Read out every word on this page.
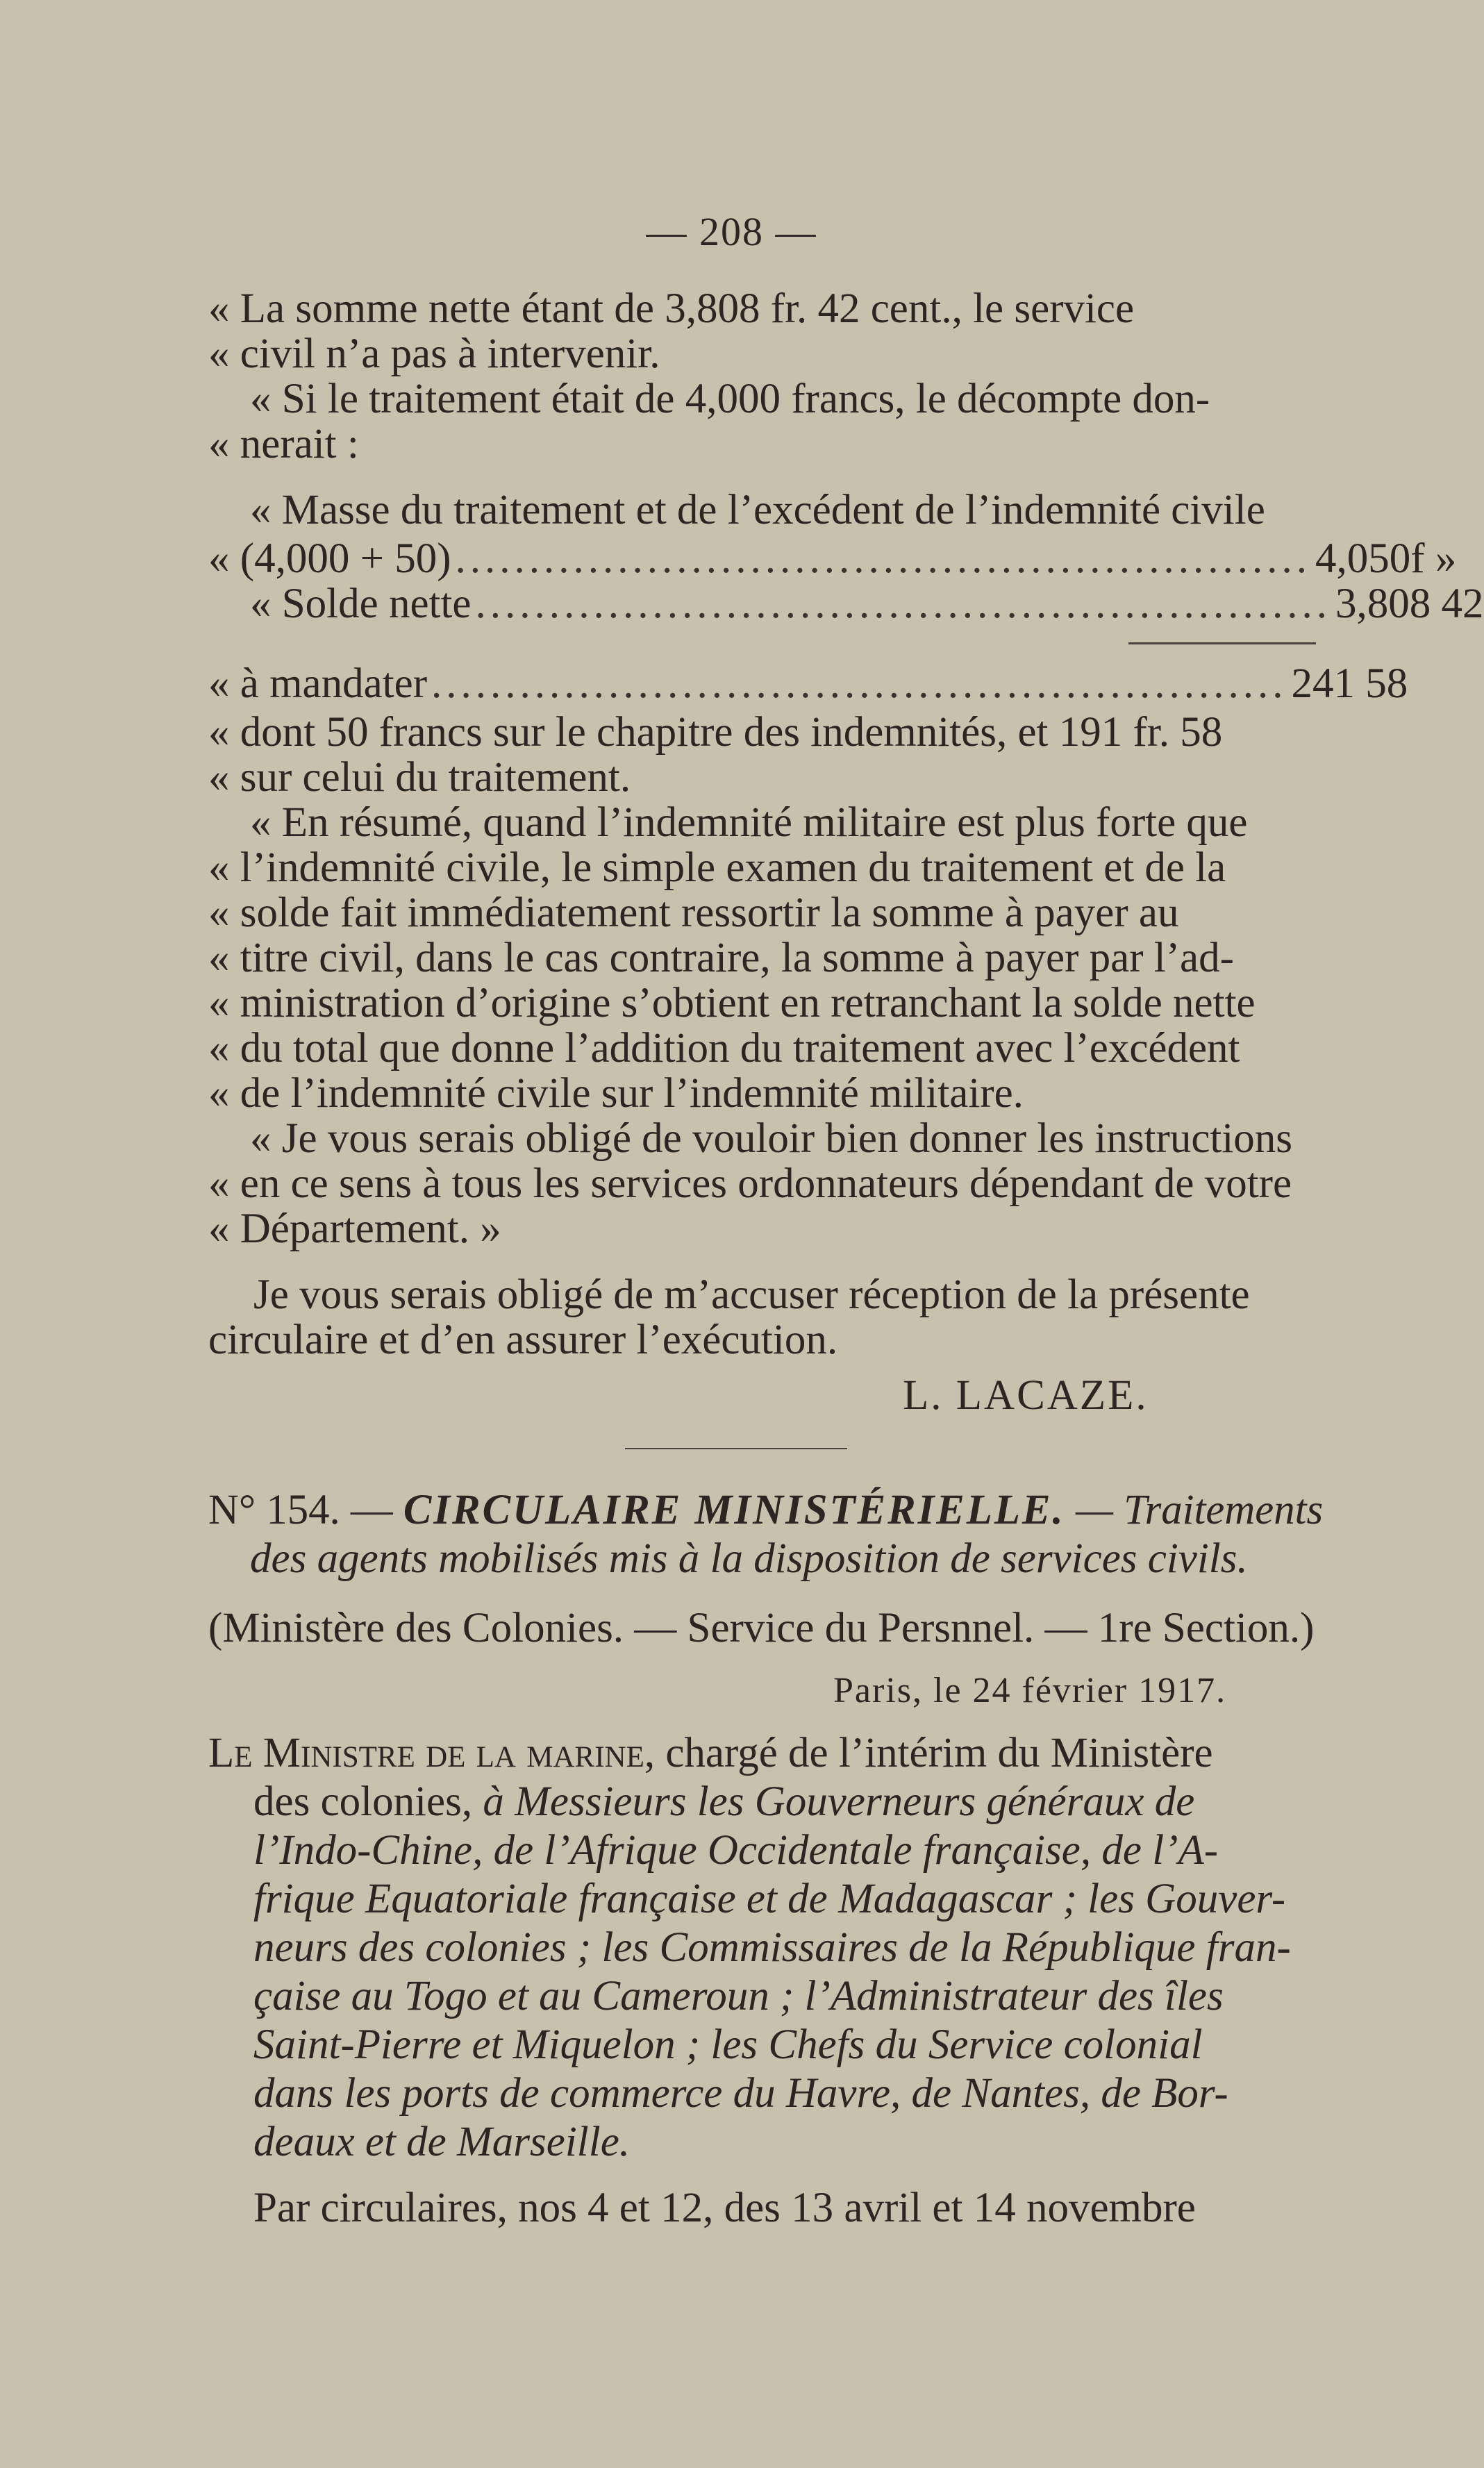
— 208 —
« La somme nette étant de 3,808 fr. 42 cent., le service
« civil n’a pas à intervenir.
« Si le traitement était de 4,000 francs, le décompte don-
« nerait :
« Masse du traitement et de l’excédent de l’indemnité civile
« (4,000 + 50) .......................................................... 4,050f »
« Solde nette .......................................................... 3,808 42
« à mandater .......................................................... 241 58
« dont 50 francs sur le chapitre des indemnités, et 191 fr. 58
« sur celui du traitement.
« En résumé, quand l’indemnité militaire est plus forte que
« l’indemnité civile, le simple examen du traitement et de la
« solde fait immédiatement ressortir la somme à payer au
« titre civil, dans le cas contraire, la somme à payer par l’ad-
« ministration d’origine s’obtient en retranchant la solde nette
« du total que donne l’addition du traitement avec l’excédent
« de l’indemnité civile sur l’indemnité militaire.
« Je vous serais obligé de vouloir bien donner les instructions
« en ce sens à tous les services ordonnateurs dépendant de votre
« Département. »
Je vous serais obligé de m’accuser réception de la présente
circulaire et d’en assurer l’exécution.
L. LACAZE.
N° 154. — CIRCULAIRE MINISTÉRIELLE. — Traitements
des agents mobilisés mis à la disposition de services civils.
(Ministère des Colonies. — Service du Persnnel. — 1re Section.)
Paris, le 24 février 1917.
Le Ministre de la marine, chargé de l’intérim du Ministère
des colonies, à Messieurs les Gouverneurs généraux de
l’Indo-Chine, de l’Afrique Occidentale française, de l’A-
frique Equatoriale française et de Madagascar ; les Gouver-
neurs des colonies ; les Commissaires de la République fran-
çaise au Togo et au Cameroun ; l’Administrateur des îles
Saint-Pierre et Miquelon ; les Chefs du Service colonial
dans les ports de commerce du Havre, de Nantes, de Bor-
deaux et de Marseille.
Par circulaires, nos 4 et 12, des 13 avril et 14 novembre
